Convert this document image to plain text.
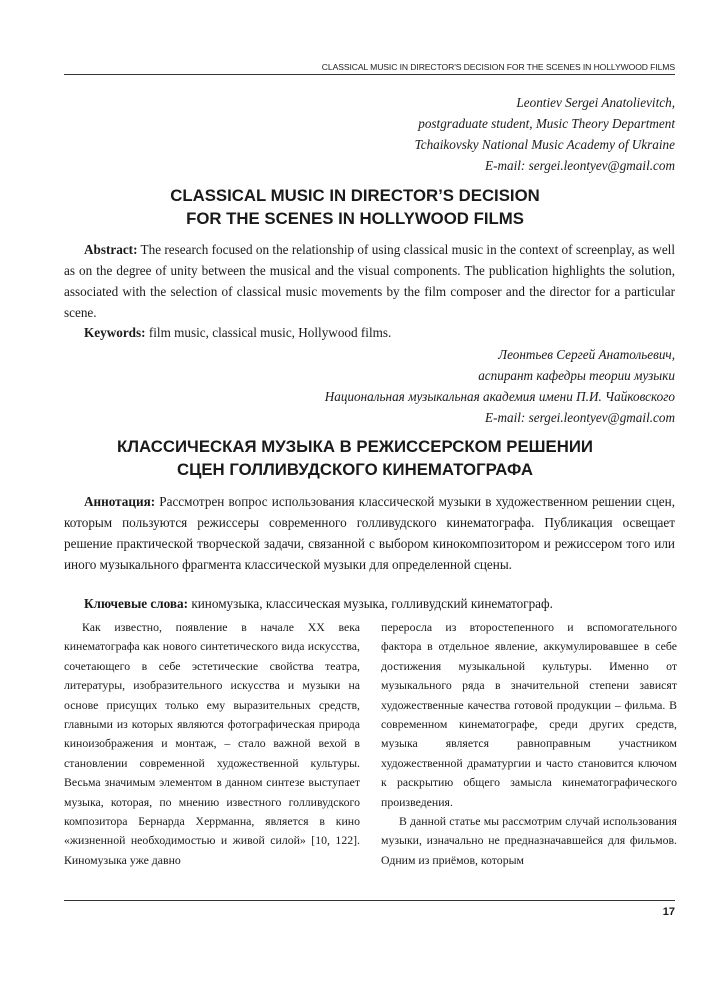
CLASSICAL MUSIC IN DIRECTOR'S DECISION FOR THE SCENES IN HOLLYWOOD FILMS
Leontiev Sergei Anatolievitch,
postgraduate student, Music Theory Department
Tchaikovsky National Music Academy of Ukraine
E-mail: sergei.leontyev@gmail.com
CLASSICAL MUSIC IN DIRECTOR’S DECISION
FOR THE SCENES IN HOLLYWOOD FILMS
Abstract: The research focused on the relationship of using classical music in the context of screenplay, as well as on the degree of unity between the musical and the visual components. The publication highlights the solution, associated with the selection of classical music movements by the film composer and the director for a particular scene.
Keywords: film music, classical music, Hollywood films.
Леонтьев Сергей Анатольевич,
аспирант кафедры теории музыки
Национальная музыкальная академия имени П.И. Чайковского
E-mail: sergei.leontyev@gmail.com
КЛАССИЧЕСКАЯ МУЗЫКА В РЕЖИССЕРСКОМ РЕШЕНИИ
СЦЕН ГОЛЛИВУДСКОГО КИНЕМАТОГРАФА
Аннотация: Рассмотрен вопрос использования классической музыки в художественном решении сцен, которым пользуются режиссеры современного голливудского кинематографа. Публикация освещает решение практической творческой задачи, связанной с выбором кинокомпозитором и режиссером того или иного музыкального фрагмента классической музыки для определенной сцены.
Ключевые слова: киномузыка, классическая музыка, голливудский кинематограф.

Как известно, появление в начале XX века кинематографа как нового синтетического вида искусства, сочетающего в себе эстетические свойства театра, литературы, изобразительного искусства и музыки на основе присущих только ему выразительных средств, главными из которых являются фотографическая природа киноизображения и монтаж, – стало важной вехой в становлении современной художественной культуры. Весьма значимым элементом в данном синтезе выступает музыка, которая, по мнению известного голливудского композитора Бернарда Херрманна, является в кино «жизненной необходимостью и живой силой» [10, 122]. Киномузыка уже давно

переросла из второстепенного и вспомогательного фактора в отдельное явление, аккумулировавшее в себе достижения музыкальной культуры. Именно от музыкального ряда в значительной степени зависят художественные качества готовой продукции – фильма. В современном кинематографе, среди других средств, музыка является равноправным участником художественной драматургии и часто становится ключом к раскрытию общего замысла кинематографического произведения.

В данной статье мы рассмотрим случай использования музыки, изначально не предназначавшейся для фильмов. Одним из приёмов, которым

17
